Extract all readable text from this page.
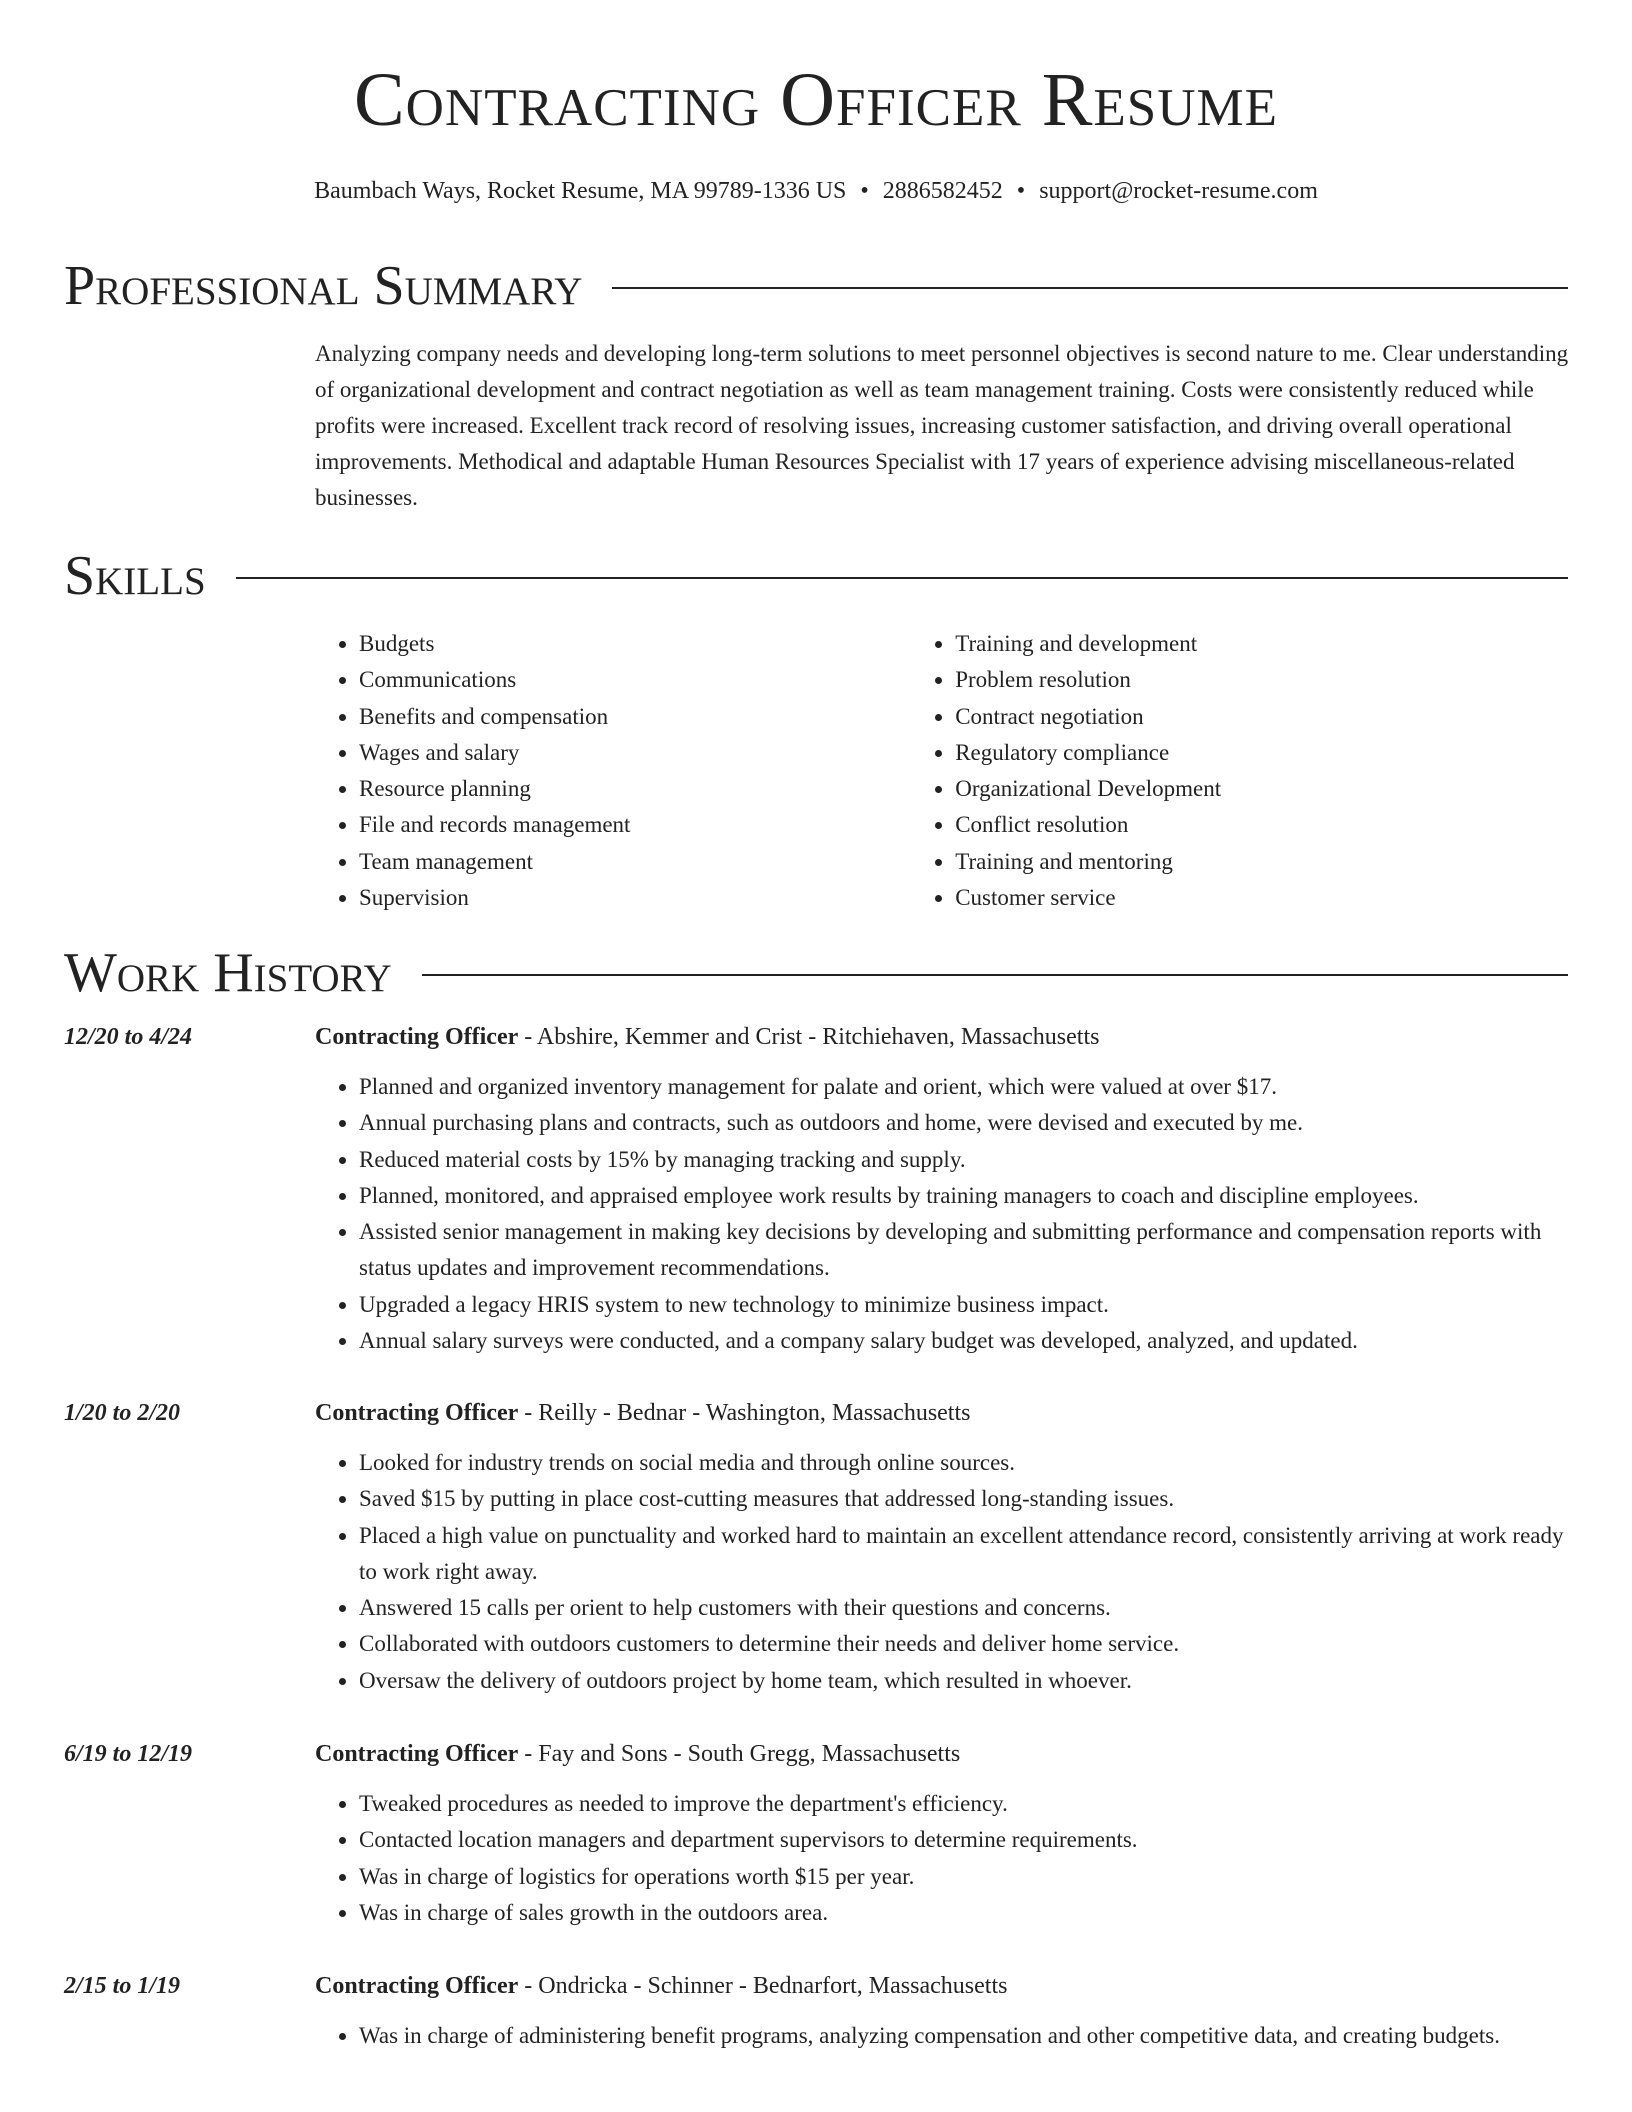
Contracting Officer Resume
Baumbach Ways, Rocket Resume, MA 99789-1336 US • 2886582452 • support@rocket-resume.com
Professional Summary
Analyzing company needs and developing long-term solutions to meet personnel objectives is second nature to me. Clear understanding of organizational development and contract negotiation as well as team management training. Costs were consistently reduced while profits were increased. Excellent track record of resolving issues, increasing customer satisfaction, and driving overall operational improvements. Methodical and adaptable Human Resources Specialist with 17 years of experience advising miscellaneous-related businesses.
Skills
• Budgets
• Communications
• Benefits and compensation
• Wages and salary
• Resource planning
• File and records management
• Team management
• Supervision
• Training and development
• Problem resolution
• Contract negotiation
• Regulatory compliance
• Organizational Development
• Conflict resolution
• Training and mentoring
• Customer service
Work History
12/20 to 4/24	Contracting Officer - Abshire, Kemmer and Crist - Ritchiehaven, Massachusetts
• Planned and organized inventory management for palate and orient, which were valued at over $17.
• Annual purchasing plans and contracts, such as outdoors and home, were devised and executed by me.
• Reduced material costs by 15% by managing tracking and supply.
• Planned, monitored, and appraised employee work results by training managers to coach and discipline employees.
• Assisted senior management in making key decisions by developing and submitting performance and compensation reports with status updates and improvement recommendations.
• Upgraded a legacy HRIS system to new technology to minimize business impact.
• Annual salary surveys were conducted, and a company salary budget was developed, analyzed, and updated.
1/20 to 2/20	Contracting Officer - Reilly - Bednar - Washington, Massachusetts
• Looked for industry trends on social media and through online sources.
• Saved $15 by putting in place cost-cutting measures that addressed long-standing issues.
• Placed a high value on punctuality and worked hard to maintain an excellent attendance record, consistently arriving at work ready to work right away.
• Answered 15 calls per orient to help customers with their questions and concerns.
• Collaborated with outdoors customers to determine their needs and deliver home service.
• Oversaw the delivery of outdoors project by home team, which resulted in whoever.
6/19 to 12/19	Contracting Officer - Fay and Sons - South Gregg, Massachusetts
• Tweaked procedures as needed to improve the department's efficiency.
• Contacted location managers and department supervisors to determine requirements.
• Was in charge of logistics for operations worth $15 per year.
• Was in charge of sales growth in the outdoors area.
2/15 to 1/19	Contracting Officer - Ondricka - Schinner - Bednarfort, Massachusetts
• Was in charge of administering benefit programs, analyzing compensation and other competitive data, and creating budgets.
